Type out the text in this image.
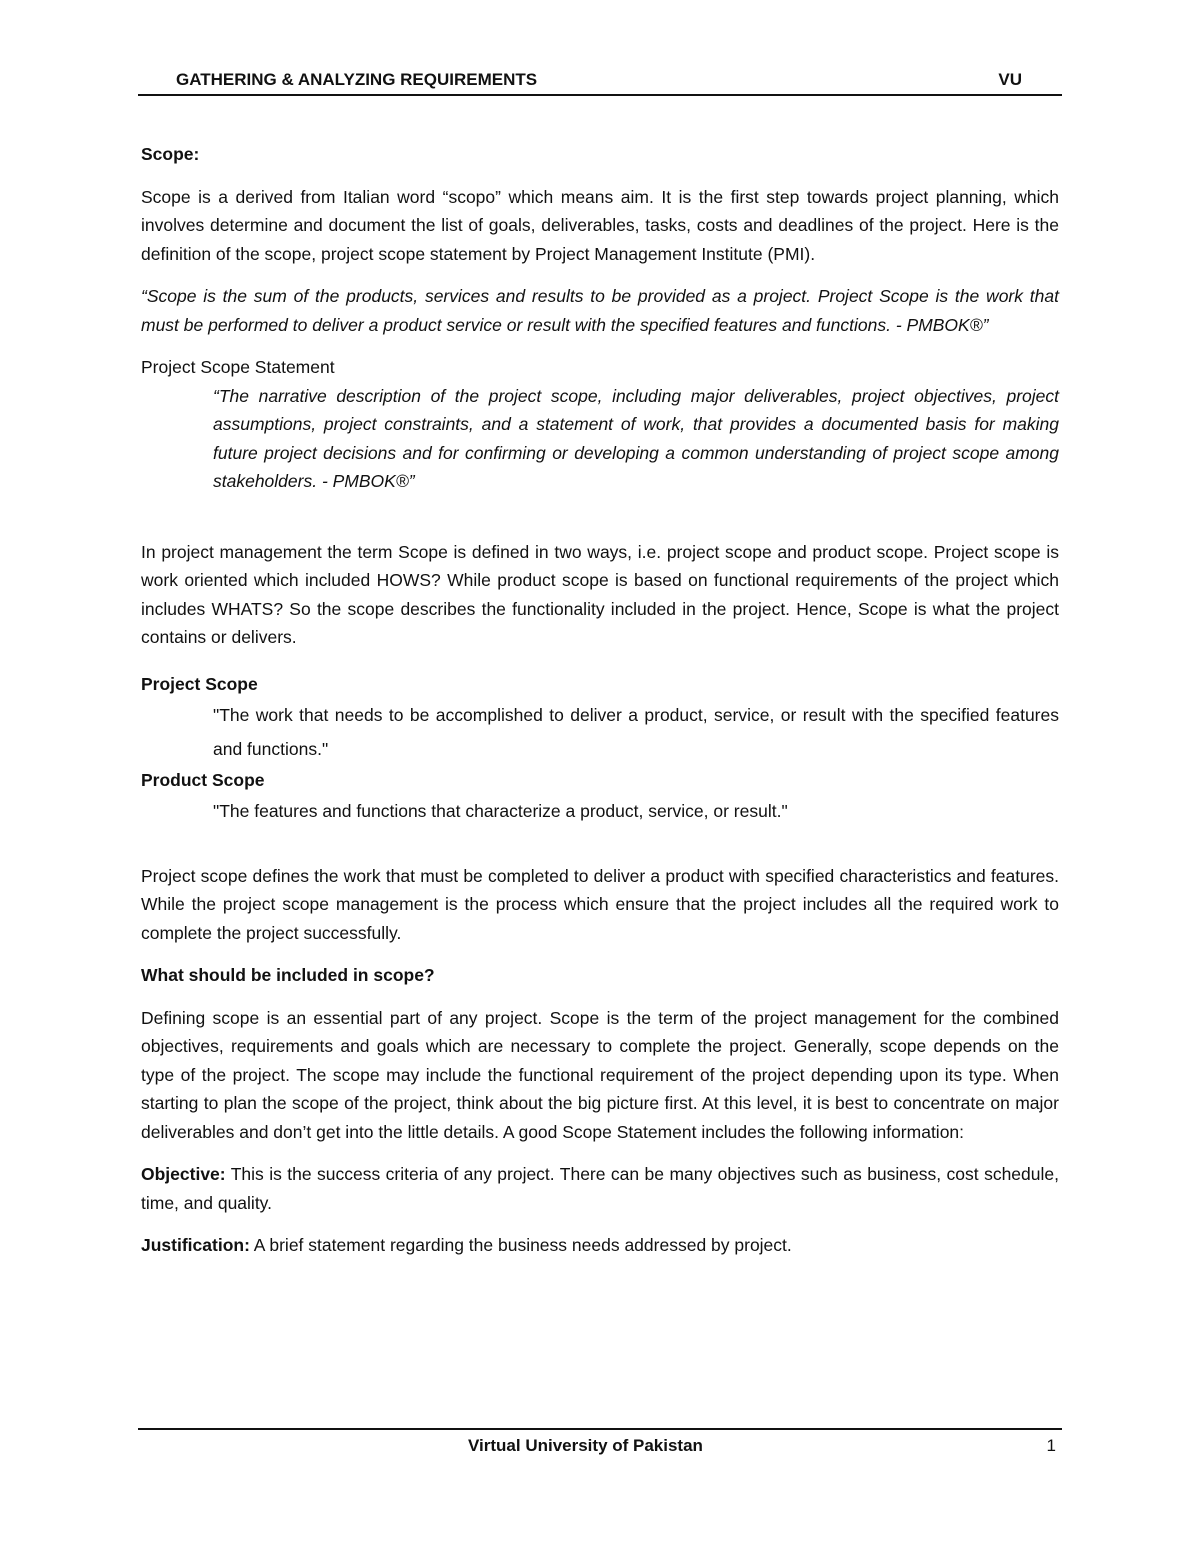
GATHERING & ANALYZING REQUIREMENTS	VU

Scope:

Scope is a derived from Italian word “scopo” which means aim. It is the first step towards project planning, which involves determine and document the list of goals, deliverables, tasks, costs and deadlines of the project. Here is the definition of the scope, project scope statement by Project Management Institute (PMI).

“Scope is the sum of the products, services and results to be provided as a project. Project Scope is the work that must be performed to deliver a product service or result with the specified features and functions. - PMBOK®”

Project Scope Statement

“The narrative description of the project scope, including major deliverables, project objectives, project assumptions, project constraints, and a statement of work, that provides a documented basis for making future project decisions and for confirming or developing a common understanding of project scope among stakeholders. - PMBOK®”

In project management the term Scope is defined in two ways, i.e. project scope and product scope. Project scope is work oriented which included HOWS? While product scope is based on functional requirements of the project which includes WHATS? So the scope describes the functionality included in the project. Hence, Scope is what the project contains or delivers.

Project Scope

"The work that needs to be accomplished to deliver a product, service, or result with the specified features and functions."

Product Scope

"The features and functions that characterize a product, service, or result."

Project scope defines the work that must be completed to deliver a product with specified characteristics and features. While the project scope management is the process which ensure that the project includes all the required work to complete the project successfully.

What should be included in scope?

Defining scope is an essential part of any project. Scope is the term of the project management for the combined objectives, requirements and goals which are necessary to complete the project. Generally, scope depends on the type of the project. The scope may include the functional requirement of the project depending upon its type. When starting to plan the scope of the project, think about the big picture first. At this level, it is best to concentrate on major deliverables and don’t get into the little details. A good Scope Statement includes the following information:

Objective: This is the success criteria of any project. There can be many objectives such as business, cost schedule, time, and quality.

Justification: A brief statement regarding the business needs addressed by project.

Virtual University of Pakistan	1
